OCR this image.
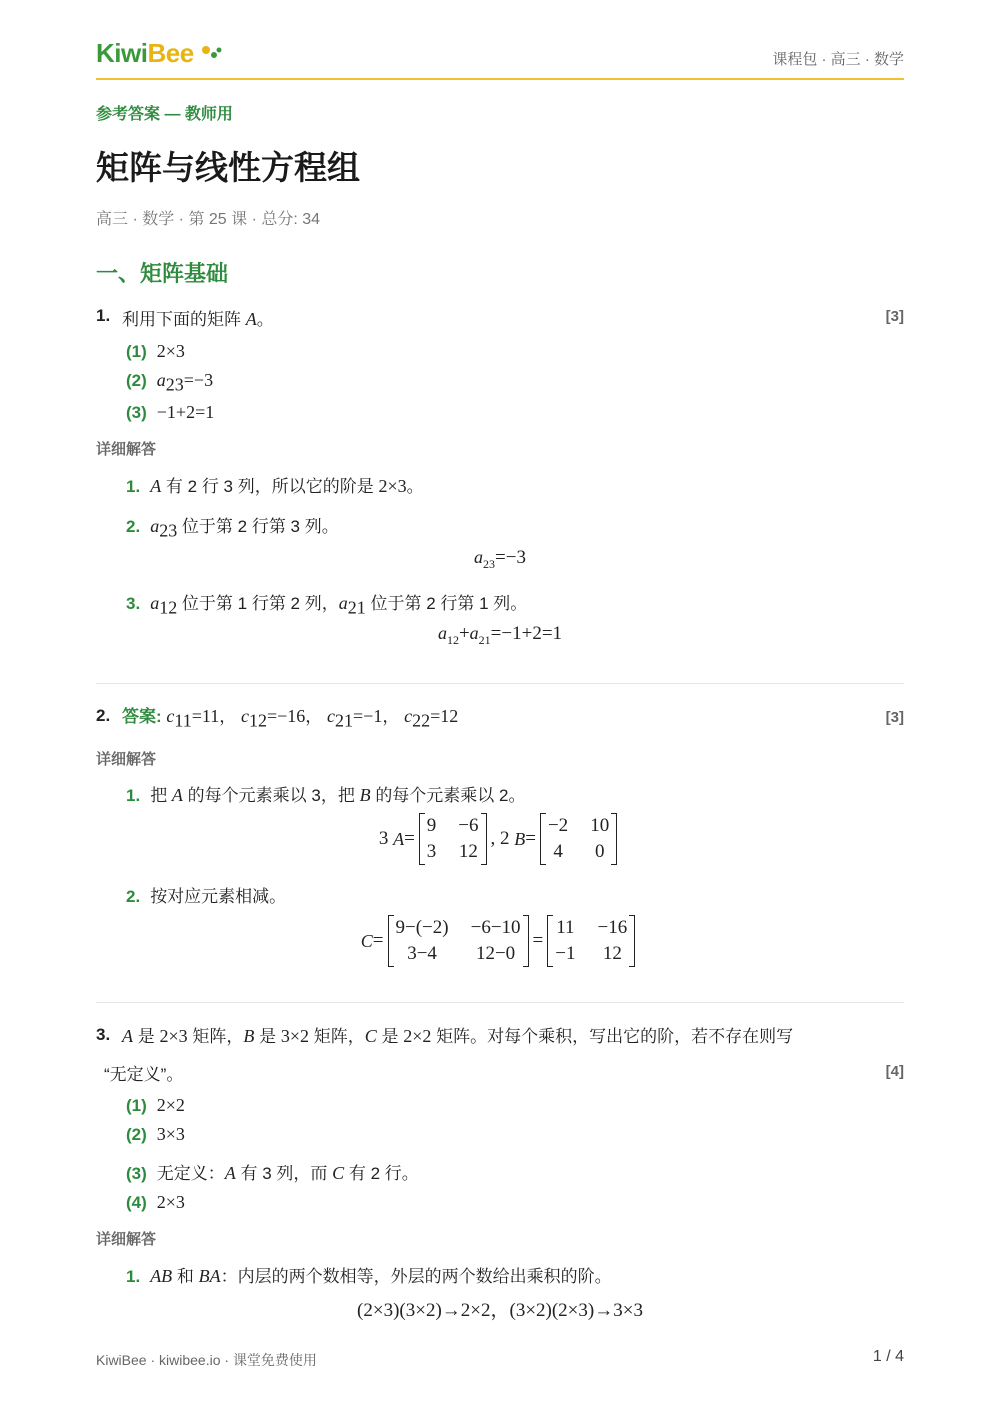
KiwiBee	课程包 · 高三 · 数学
参考答案 — 教师用
矩阵与线性方程组
高三 · 数学 · 第 25 课 · 总分: 34
一、矩阵基础
1. 利用下面的矩阵 A。	[3]
(1) 2×3
(2) $a_{23}=-3$
(3) −1+2=1
详细解答
1. A 有 2 行 3 列，所以它的阶是 2×3。
2. $a_{23}$ 位于第 2 行第 3 列。
$a_{23}=-3$
3. $a_{12}$ 位于第 1 行第 2 列，$a_{21}$ 位于第 2 行第 1 列。
$a_{12}+a_{21}=-1+2=1$
2. 答案: $c_{11}=11$， $c_{12}=-16$， $c_{21}=-1$， $c_{22}=12$	[3]
详细解答
1. 把 A 的每个元素乘以 3，把 B 的每个元素乘以 2。
3
A =
9 −6
3 12
, 2
B =
−2 10
4 0
2. 按对应元素相减。
C =
9−(−2) −6−10
3−4	12−0
=
11 −16
−1 12
3. A 是 2×3 矩阵，B 是 3×2 矩阵，C 是 2×2 矩阵。对每个乘积，写出它的阶，若不存在则写
“无定义”。	[4]
(1) 2×2
(2) 3×3
(3) 无定义：A 有 3 列，而 C 有 2 行。
(4) 2×3
详细解答
1. AB 和 BA：内层的两个数相等，外层的两个数给出乘积的阶。
(2×3)(3×2)→2×2，(3×2)(2×3)→3×3
KiwiBee · kiwibee.io · 课堂免费使用	1 / 4
